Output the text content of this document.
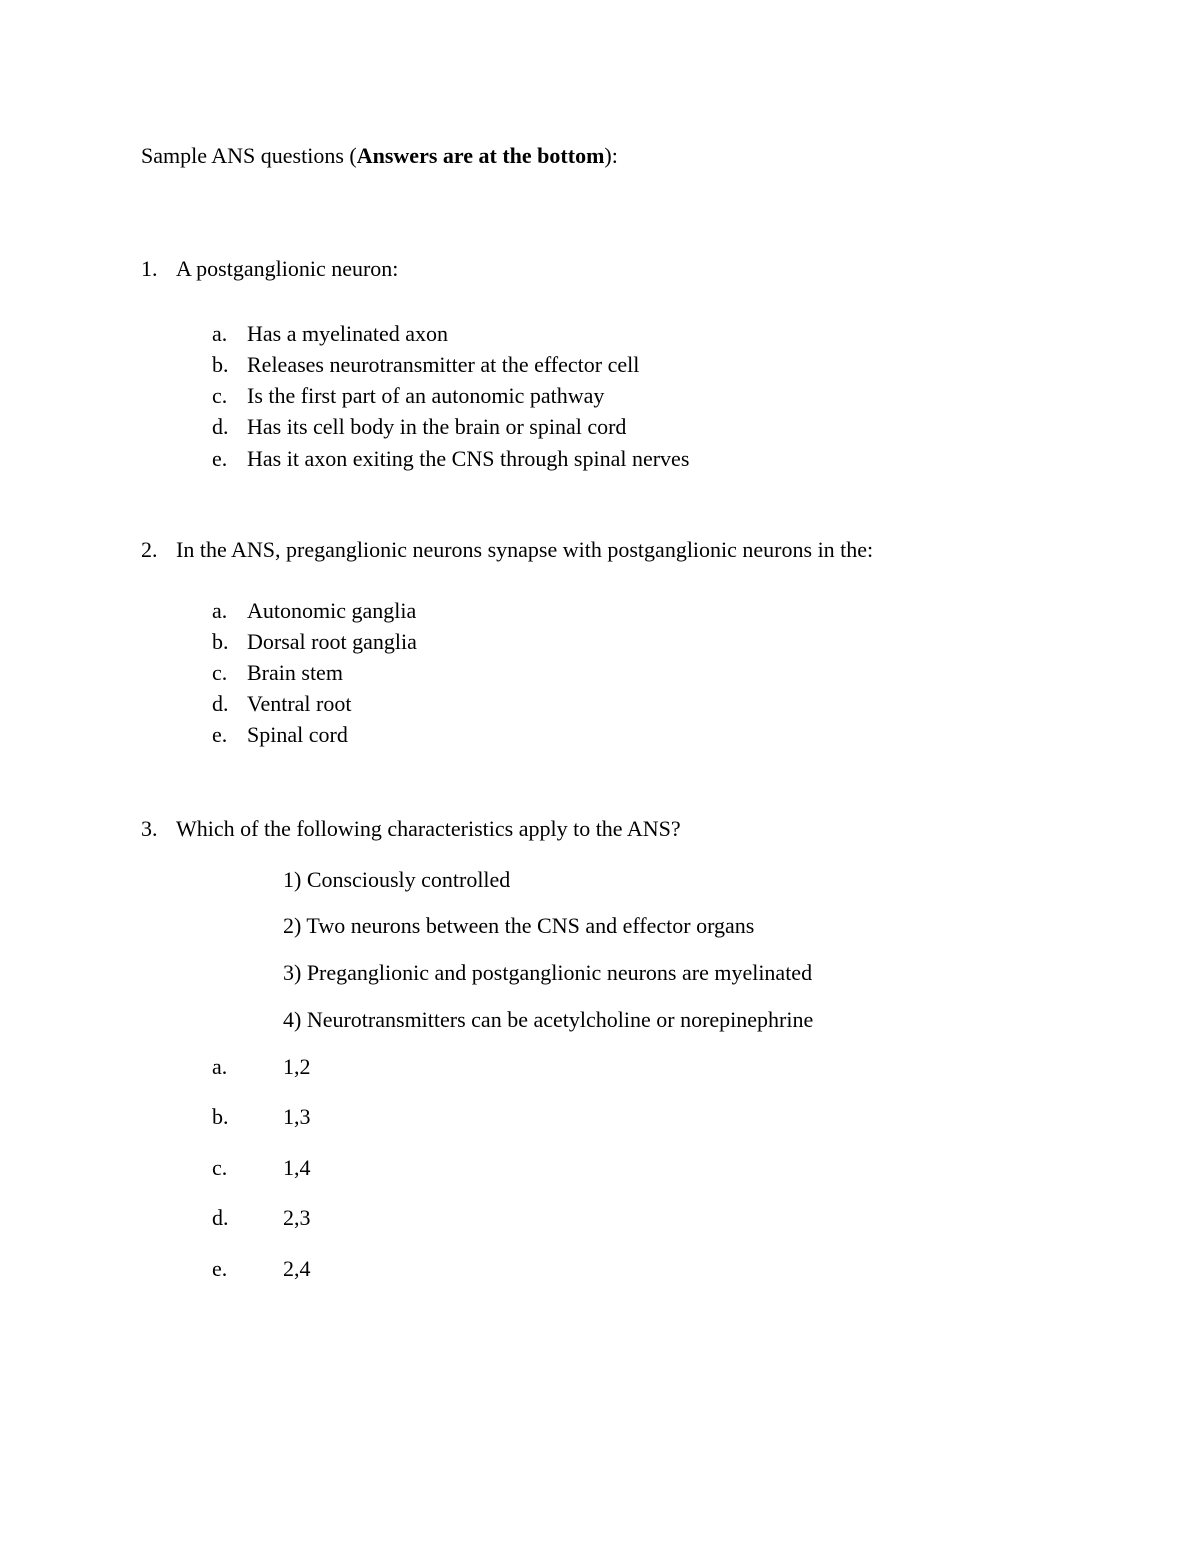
Sample ANS questions (Answers are at the bottom):
1. A postganglionic neuron:
a. Has a myelinated axon
b. Releases neurotransmitter at the effector cell
c. Is the first part of an autonomic pathway
d. Has its cell body in the brain or spinal cord
e. Has it axon exiting the CNS through spinal nerves
2. In the ANS, preganglionic neurons synapse with postganglionic neurons in the:
a. Autonomic ganglia
b. Dorsal root ganglia
c. Brain stem
d. Ventral root
e. Spinal cord
3. Which of the following characteristics apply to the ANS?
1) Consciously controlled
2) Two neurons between the CNS and effector organs
3) Preganglionic and postganglionic neurons are myelinated
4) Neurotransmitters can be acetylcholine or norepinephrine
a.	1,2
b. 1,3
c.	1,4
d. 2,3
e.	2,4
